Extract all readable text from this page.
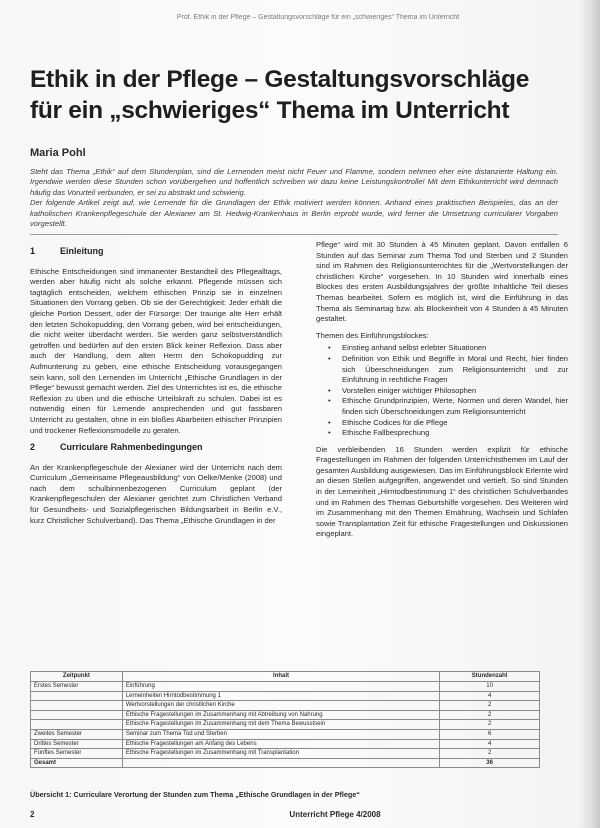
Prof. Ethik in der Pflege – Gestaltungsvorschläge für ein „schwieriges“ Thema im Unterricht
Ethik in der Pflege – Gestaltungsvorschläge
für ein „schwieriges“ Thema im Unterricht
Maria Pohl

Steht das Thema „Ethik“ auf dem Stundenplan, sind die Lernenden meist nicht Feuer und Flamme, sondern nehmen eher eine distanzierte Haltung ein. Irgendwie werden diese Stunden schon vorübergehen und hoffentlich schreiben wir dazu keine Leistungskontrolle! Mit dem Ethikunterricht wird demnach häufig das Vorurteil verbunden, er sei zu abstrakt und schwierig.

Der folgende Artikel zeigt auf, wie Lernende für die Grundlagen der Ethik motiviert werden können. Anhand eines praktischen Beispieles, das an der katholischen Krankenpflegeschule der Alexianer am St. Hedwig-Krankenhaus in Berlin erprobt wurde, wird ferner die Umsetzung curricularer Vorgaben vorgestellt.

1	Einleitung

Ethische Entscheidungen sind immanenter Bestandteil des Pflegealltags, werden aber häufig nicht als solche erkannt. Pflegende müssen sich tagtäglich entscheiden, welchem ethischen Prinzip sie in einzelnen Situationen den Vorrang geben. Ob sie der Gerechtigkeit: Jeder erhält die gleiche Portion Dessert, oder der Fürsorge: Der traurige alte Herr erhält den letzten Schokopudding, den Vorrang geben, wird bei entscheidungen, die nicht weiter überdacht werden. Sie werden ganz selbstverständlich getroffen und bedürfen auf den ersten Blick keiner Reflexion. Dass aber auch der Handlung, dem alten Herrn den Schokopudding zur Aufmunterung zu geben, eine ethische Entscheidung vorausgegangen sein kann, soll den Lernenden im Unterricht „Ethische Grundlagen in der Pflege“ bewusst gemacht werden. Ziel des Unterrichtes ist es, die ethische Reflexion zu üben und die ethische Urteilskraft zu schulen. Dabei ist es notwendig einen für Lernende ansprechenden und gut fassbaren Unterricht zu gestalten, ohne in ein bloßes Abarbeiten ethischer Prinzipien und trockener Reflexionsmodelle zu geraten.

2	Curriculare Rahmenbedingungen

An der Krankenpflegeschule der Alexianer wird der Unterricht nach dem Curriculum „Gemeinsame Pflegeausbildung“ von Oelke/Menke (2008) und nach dem schulbinnenbezogenen Curriculum geplant (der Krankenpflegeschulen der Alexianer gerichtet zum Christlichen Verband für Gesundheits- und Sozialpflegerischen Bildungsarbeit in Berlin e.V., kurz Christlicher Schulverband). Das Thema „Ethische Grundlagen in der

Pflege“ wird mit 30 Stunden à 45 Minuten geplant. Davon entfallen 6 Stunden auf das Seminar zum Thema Tod und Sterben und 2 Stunden sind im Rahmen des Religionsunterrichtes für die „Wertvorstellungen der christlichen Kirche“ vorgesehen. In 10 Stunden wird innerhalb eines Blockes des ersten Ausbildungsjahres der größte Inhaltliche Teil dieses Themas bearbeitet. Sofern es möglich ist, wird die Einführung in das Thema als Seminartag bzw. als Blockeinheit von 4 Stunden à 45 Minuten gestaltet.

Themen des Einführungsblockes:
• Einstieg anhand selbst erlebter Situationen
• Definition von Ethik und Begriffe in Moral und Recht, hier finden sich Überschneidungen zum Religionsunterricht und zur Einführung in rechtliche Fragen
• Vorstellen einiger wichtiger Philosophen
• Ethische Grundprinzipien, Werte, Normen und deren Wandel, hier finden sich Überschneidungen zum Religionsunterricht
• Ethische Codices für die Pflege
• Ethische Fallbesprechung

Die verbleibenden 16 Stunden werden explizit für ethische Fragestellungen im Rahmen der folgenden Unterrichtsthemen im Lauf der gesamten Ausbildung ausgewiesen. Das im Einführungsblock Erlernte wird an diesen Stellen aufgegriffen, angewendet und vertieft. So sind Stunden in der Lerneinheit „Hirntodbestimmung 1“ des christlichen Schulverbandes und im Rahmen des Themas Geburtshilfe vorgesehen. Des Weiteren wird im Zusammenhang mit den Themen Ernährung, Wachsein und Schlafen sowie Transplantation Zeit für ethische Fragestellungen und Diskussionen eingeplant.

Zeitpunkt	Inhalt	Stundenzahl
Erstes Semester	Einführung	10
	Lerneinheiten Hirntodbestimmung 1	4
	Wertvorstellungen der christlichen Kirche	2
	Ethische Fragestellungen im Zusammenhang mit Abtreibung von Nahrung	2
	Ethische Fragestellungen im Zusammenhang mit dem Thema Bewusstsein	2
Zweites Semester	Seminar zum Thema Tod und Sterben	6
Drittes Semester	Ethische Fragestellungen am Anfang des Lebens	4
Fünftes Semester	Ethische Fragestellungen im Zusammenhang mit Transplantation	2
Gesamt		36
Übersicht 1: Curriculare Verortung der Stunden zum Thema „Ethische Grundlagen in der Pflege“
2	Unterricht Pflege 4/2008
